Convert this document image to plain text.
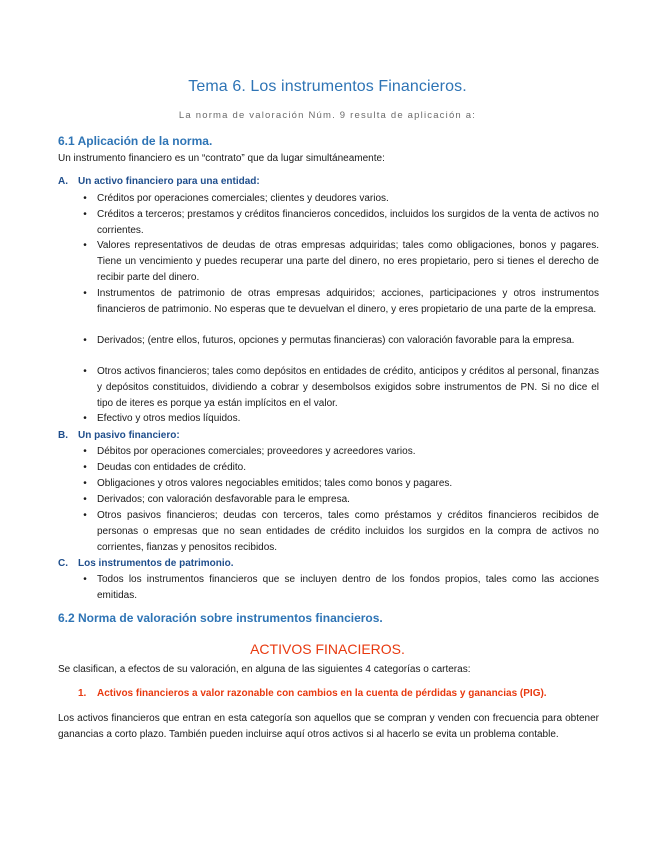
Tema 6. Los instrumentos Financieros.
La norma de valoración Núm. 9 resulta de aplicación a:
6.1 Aplicación de la norma.
Un instrumento financiero es un “contrato” que da lugar simultáneamente:
A. Un activo financiero para una entidad:
•	Créditos por operaciones comerciales; clientes y deudores varios.
•	Créditos a terceros; prestamos y créditos financieros concedidos, incluidos los surgidos de la venta de activos no corrientes.
•	Valores representativos de deudas de otras empresas adquiridas; tales como obligaciones, bonos y pagares. Tiene un vencimiento y puedes recuperar una parte del dinero, no eres propietario, pero si tienes el derecho de recibir parte del dinero.
•	Instrumentos de patrimonio de otras empresas adquiridos; acciones, participaciones y otros instrumentos financieros de patrimonio. No esperas que te devuelvan el dinero, y eres propietario de una parte de la empresa.
•	Derivados; (entre ellos, futuros, opciones y permutas financieras) con valoración favorable para la empresa.
•	Otros activos financieros; tales como depósitos en entidades de crédito, anticipos y créditos al personal, finanzas y depósitos constituidos, dividiendo a cobrar y desembolsos exigidos sobre instrumentos de PN. Si no dice el tipo de iteres es porque ya están implícitos en el valor.
•	Efectivo y otros medios líquidos.
B. Un pasivo financiero:
•	Débitos por operaciones comerciales; proveedores y acreedores varios.
•	Deudas con entidades de crédito.
•	Obligaciones y otros valores negociables emitidos; tales como bonos y pagares.
•	Derivados; con valoración desfavorable para le empresa.
•	Otros pasivos financieros; deudas con terceros, tales como préstamos y créditos financieros recibidos de personas o empresas que no sean entidades de crédito incluidos los surgidos en la compra de activos no corrientes, fianzas y penositos recibidos.
C. Los instrumentos de patrimonio.
•	Todos los instrumentos financieros que se incluyen dentro de los fondos propios, tales como las acciones emitidas.
6.2 Norma de valoración sobre instrumentos financieros.
ACTIVOS FINACIEROS.
Se clasifican, a efectos de su valoración, en alguna de las siguientes 4 categorías o carteras:
1. Activos financieros a valor razonable con cambios en la cuenta de pérdidas y ganancias (PIG).
Los activos financieros que entran en esta categoría son aquellos que se compran y venden con frecuencia para obtener ganancias a corto plazo. También pueden incluirse aquí otros activos si al hacerlo se evita un problema contable.
